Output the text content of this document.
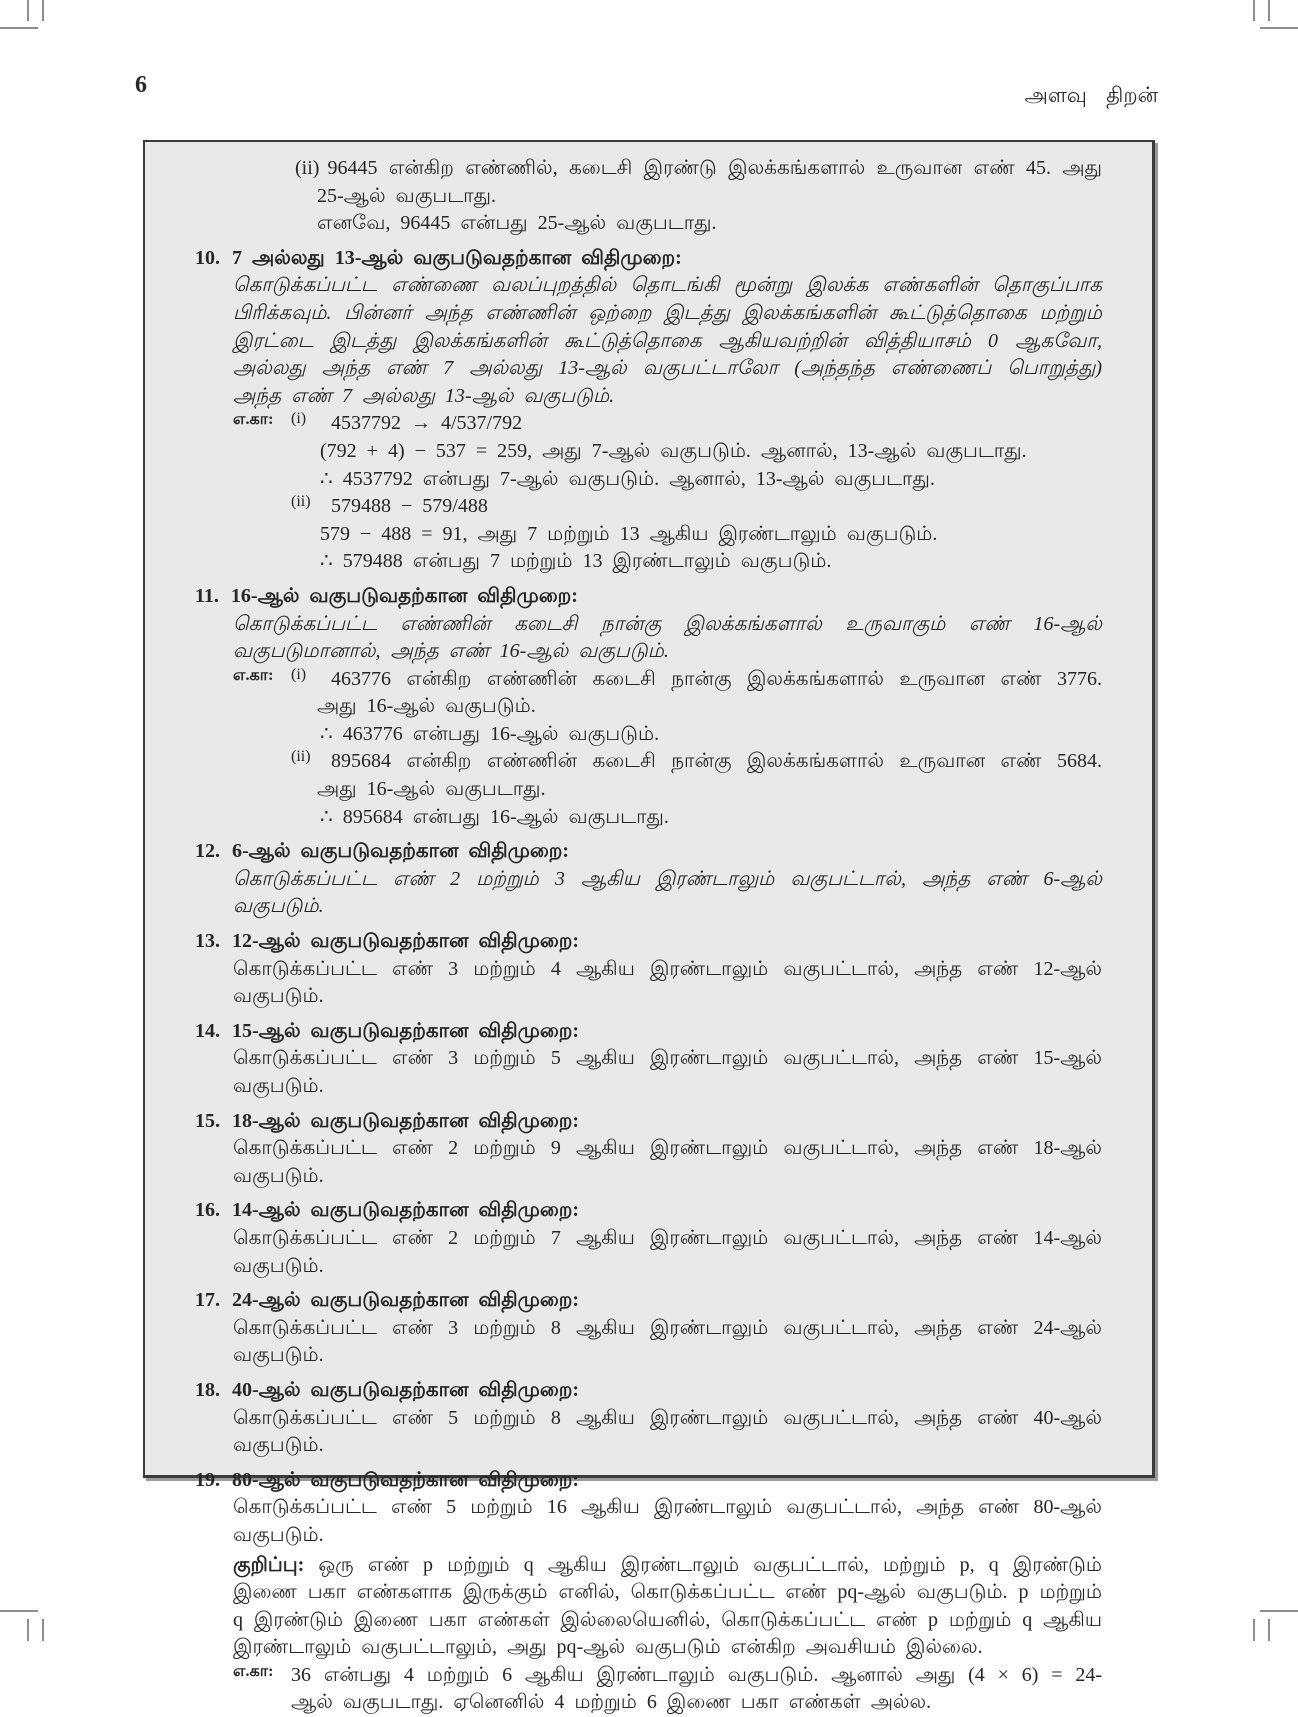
6	அளவு திறன்
(ii) 96445 என்கிற எண்ணில், கடைசி இரண்டு இலக்கங்களால் உருவான எண் 45. அது 25-ஆல் வகுபடாது.
எனவே, 96445 என்பது 25-ஆல் வகுபடாது.
10. 7 அல்லது 13-ஆல் வகுபடுவதற்கான விதிமுறை:
கொடுக்கப்பட்ட எண்ணை வலப்புறத்தில் தொடங்கி மூன்று இலக்க எண்களின் தொகுப்பாக பிரிக்கவும். பின்னர் அந்த எண்ணின் ஒற்றை இடத்து இலக்கங்களின் கூட்டுத்தொகை மற்றும் இரட்டை இடத்து இலக்கங்களின் கூட்டுத்தொகை ஆகியவற்றின் வித்தியாசம் 0 ஆகவோ, அல்லது அந்த எண் 7 அல்லது 13-ஆல் வகுபட்டாலோ (அந்தந்த எண்ணைப் பொறுத்து) அந்த எண் 7 அல்லது 13-ஆல் வகுபடும்.
எ.கா:	(i)	4537792 → 4/537/792
(792 + 4) − 537 = 259, அது 7-ஆல் வகுபடும். ஆனால், 13-ஆல் வகுபடாது.
∴ 4537792 என்பது 7-ஆல் வகுபடும். ஆனால், 13-ஆல் வகுபடாது.
(ii)	579488 − 579/488
579 − 488 = 91, அது 7 மற்றும் 13 ஆகிய இரண்டாலும் வகுபடும்.
∴ 579488 என்பது 7 மற்றும் 13 இரண்டாலும் வகுபடும்.
11. 16-ஆல் வகுபடுவதற்கான விதிமுறை:
கொடுக்கப்பட்ட எண்ணின் கடைசி நான்கு இலக்கங்களால் உருவாகும் எண் 16-ஆல் வகுபடுமானால், அந்த எண் 16-ஆல் வகுபடும்.
எ.கா:	(i)	463776 என்கிற எண்ணின் கடைசி நான்கு இலக்கங்களால் உருவான எண் 3776.
அது 16-ஆல் வகுபடும்.
∴ 463776 என்பது 16-ஆல் வகுபடும்.
(ii)	895684 என்கிற எண்ணின் கடைசி நான்கு இலக்கங்களால் உருவான எண் 5684.
அது 16-ஆல் வகுபடாது.
∴ 895684 என்பது 16-ஆல் வகுபடாது.
12. 6-ஆல் வகுபடுவதற்கான விதிமுறை:
கொடுக்கப்பட்ட எண் 2 மற்றும் 3 ஆகிய இரண்டாலும் வகுபட்டால், அந்த எண் 6-ஆல் வகுபடும்.
13. 12-ஆல் வகுபடுவதற்கான விதிமுறை:
கொடுக்கப்பட்ட எண் 3 மற்றும் 4 ஆகிய இரண்டாலும் வகுபட்டால், அந்த எண் 12-ஆல் வகுபடும்.
14. 15-ஆல் வகுபடுவதற்கான விதிமுறை:
கொடுக்கப்பட்ட எண் 3 மற்றும் 5 ஆகிய இரண்டாலும் வகுபட்டால், அந்த எண் 15-ஆல் வகுபடும்.
15. 18-ஆல் வகுபடுவதற்கான விதிமுறை:
கொடுக்கப்பட்ட எண் 2 மற்றும் 9 ஆகிய இரண்டாலும் வகுபட்டால், அந்த எண் 18-ஆல் வகுபடும்.
16. 14-ஆல் வகுபடுவதற்கான விதிமுறை:
கொடுக்கப்பட்ட எண் 2 மற்றும் 7 ஆகிய இரண்டாலும் வகுபட்டால், அந்த எண் 14-ஆல் வகுபடும்.
17. 24-ஆல் வகுபடுவதற்கான விதிமுறை:
கொடுக்கப்பட்ட எண் 3 மற்றும் 8 ஆகிய இரண்டாலும் வகுபட்டால், அந்த எண் 24-ஆல் வகுபடும்.
18. 40-ஆல் வகுபடுவதற்கான விதிமுறை:
கொடுக்கப்பட்ட எண் 5 மற்றும் 8 ஆகிய இரண்டாலும் வகுபட்டால், அந்த எண் 40-ஆல் வகுபடும்.
19. 80-ஆல் வகுபடுவதற்கான விதிமுறை:
கொடுக்கப்பட்ட எண் 5 மற்றும் 16 ஆகிய இரண்டாலும் வகுபட்டால், அந்த எண் 80-ஆல் வகுபடும்.
குறிப்பு: ஒரு எண் p மற்றும் q ஆகிய இரண்டாலும் வகுபட்டால், மற்றும் p, q இரண்டும் இணை பகா எண்களாக இருக்கும் எனில், கொடுக்கப்பட்ட எண் pq-ஆல் வகுபடும். p மற்றும் q இரண்டும் இணை பகா எண்கள் இல்லையெனில், கொடுக்கப்பட்ட எண் p மற்றும் q ஆகிய இரண்டாலும் வகுபட்டாலும், அது pq-ஆல் வகுபடும் என்கிற அவசியம் இல்லை.
எ.கா: 36 என்பது 4 மற்றும் 6 ஆகிய இரண்டாலும் வகுபடும். ஆனால் அது (4 × 6) = 24-ஆல் வகுபடாது. ஏனெனில் 4 மற்றும் 6 இணை பகா எண்கள் அல்ல.
